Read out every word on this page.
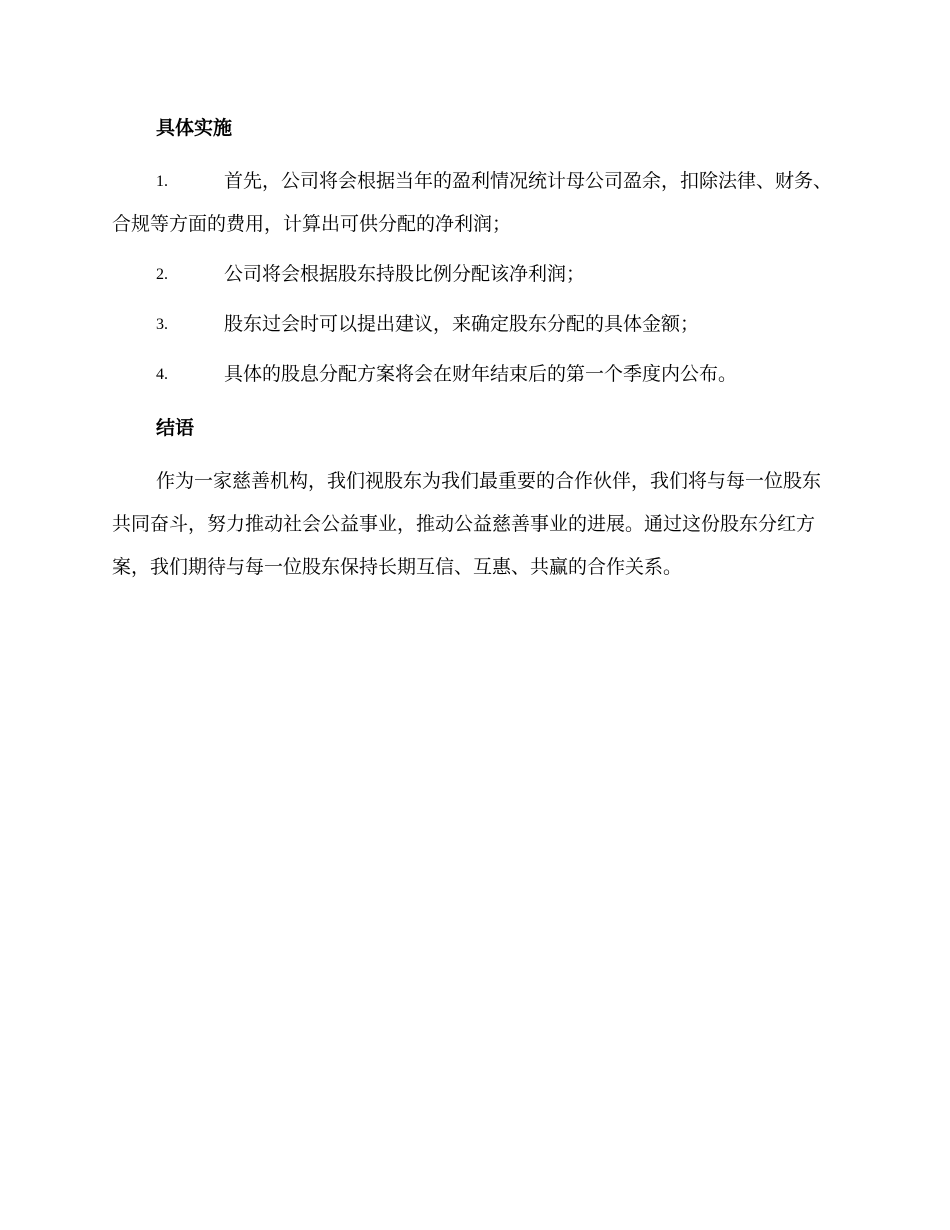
具体实施
1.	首先，公司将会根据当年的盈利情况统计母公司盈余，扣除法律、财务、合规等方面的费用，计算出可供分配的净利润；
2.	公司将会根据股东持股比例分配该净利润；
3.	股东过会时可以提出建议，来确定股东分配的具体金额；
4.	具体的股息分配方案将会在财年结束后的第一个季度内公布。
结语

作为一家慈善机构，我们视股东为我们最重要的合作伙伴，我们将与每一位股东共同奋斗，努力推动社会公益事业，推动公益慈善事业的进展。通过这份股东分红方案，我们期待与每一位股东保持长期互信、互惠、共赢的合作关系。
